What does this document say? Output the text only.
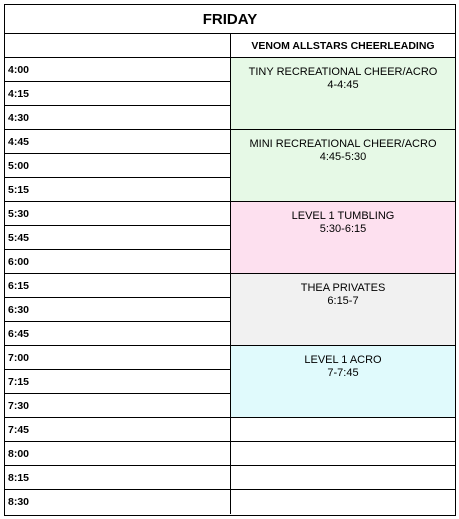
FRIDAY
VENOM ALLSTARS CHEERLEADING
4:00
4:15
4:30
4:45
5:00
5:15
5:30
5:45
6:00
6:15
6:30
6:45
7:00
7:15
7:30
7:45
8:00
8:15
8:30
TINY RECREATIONAL CHEER/ACRO
4-4:45
MINI RECREATIONAL CHEER/ACRO
4:45-5:30
LEVEL 1 TUMBLING
5:30-6:15
THEA PRIVATES
6:15-7
LEVEL 1 ACRO
7-7:45
